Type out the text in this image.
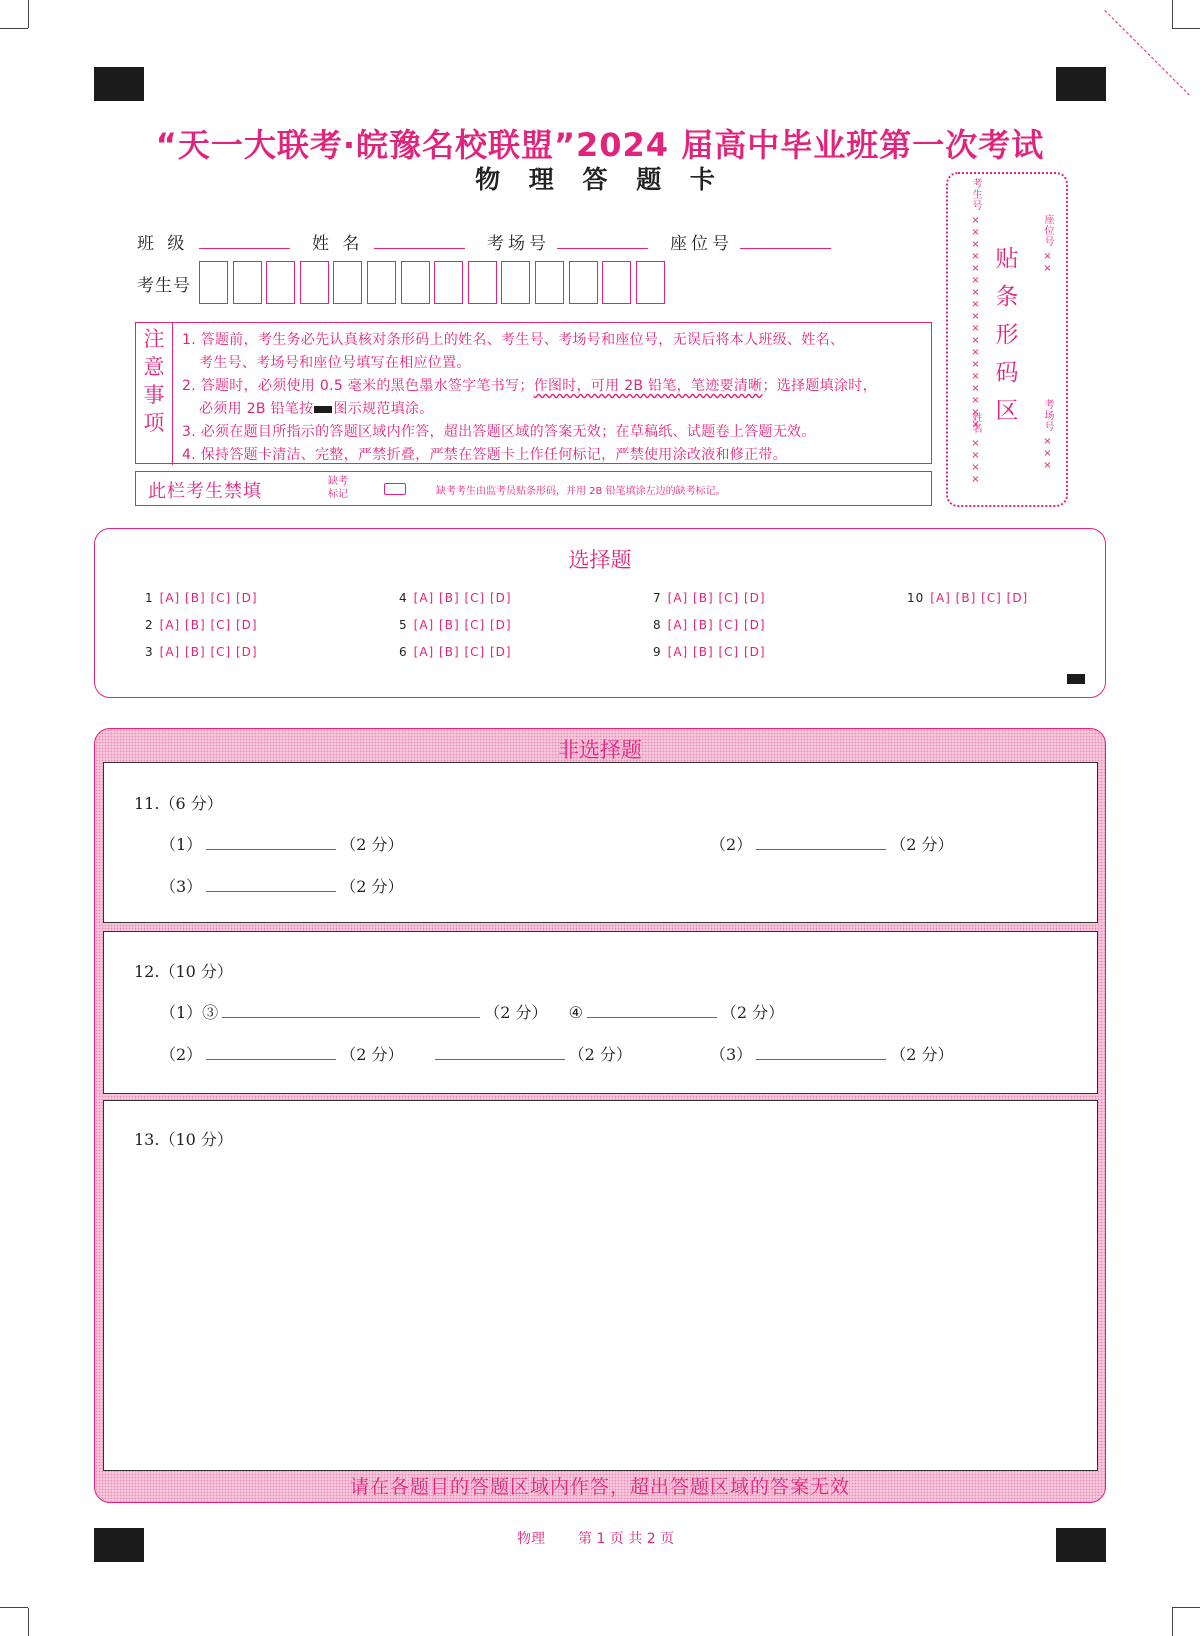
“天一大联考·皖豫名校联盟”2024 届高中毕业班第一次考试
物 理 答 题 卡
班 级	姓 名	考场号	座位号
考生号
注
意
事
项
1. 答题前，考生务必先认真核对条形码上的姓名、考生号、考场号和座位号，无误后将本人班级、姓名、
考生号、考场号和座位号填写在相应位置。
2. 答题时，必须使用 0.5 毫米的黑色墨水签字笔书写；作图时，可用 2B 铅笔，笔迹要清晰；选择题填涂时，
必须用 2B 铅笔按 图示规范填涂。
3. 必须在题目所指示的答题区域内作答，超出答题区域的答案无效；在草稿纸、试题卷上答题无效。
4. 保持答题卡清洁、完整，严禁折叠，严禁在答题卡上作任何标记，严禁使用涂改液和修正带。
此栏考生禁填	缺考
标记	缺考考生由监考员贴条形码，并用 2B 铅笔填涂左边的缺考标记。
考生号 ××××××××××××××××××
姓名 ××××
贴
条
形
码
区
座位号 ××
考场号 ×××
选择题
1 [A] [B] [C] [D]
2 [A] [B] [C] [D]
3 [A] [B] [C] [D]
4 [A] [B] [C] [D]
5 [A] [B] [C] [D]
6 [A] [B] [C] [D]
7 [A] [B] [C] [D]
8 [A] [B] [C] [D]
9 [A] [B] [C] [D]
10 [A] [B] [C] [D]
非选择题
请在各题目的答题区域内作答，超出答题区域的答案无效
11.（6 分）
（1）	（2 分）	（2）	（2 分）
（3）	（2 分）
12.（10 分）
（1）③	（2 分） ④	（2 分）
（2）	（2 分）	（2 分）	（3）	（2 分）
13.（10 分）
物理 第 1 页 共 2 页
